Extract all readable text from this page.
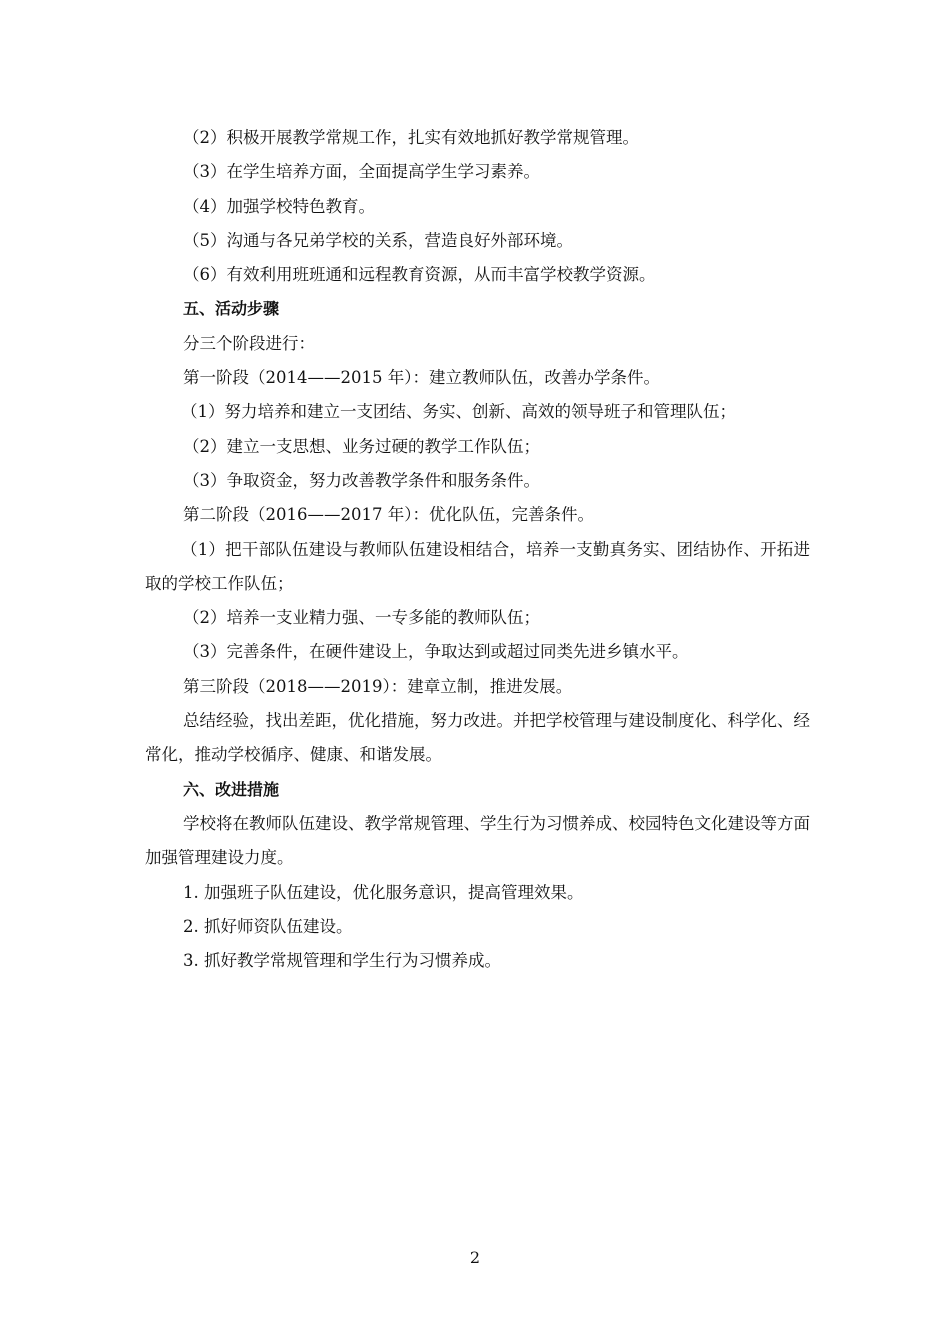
（2）积极开展教学常规工作，扎实有效地抓好教学常规管理。

（3）在学生培养方面，全面提高学生学习素养。

（4）加强学校特色教育。

（5）沟通与各兄弟学校的关系，营造良好外部环境。

（6）有效利用班班通和远程教育资源，从而丰富学校教学资源。

五、活动步骤

分三个阶段进行：

第一阶段（2014——2015 年）：建立教师队伍，改善办学条件。

（1）努力培养和建立一支团结、务实、创新、高效的领导班子和管理队伍；

（2）建立一支思想、业务过硬的教学工作队伍；

（3）争取资金，努力改善教学条件和服务条件。

第二阶段（2016——2017 年）：优化队伍，完善条件。

（1）把干部队伍建设与教师队伍建设相结合，培养一支勤真务实、团结协作、开拓进取的学校工作队伍；

（2）培养一支业精力强、一专多能的教师队伍；

（3）完善条件，在硬件建设上，争取达到或超过同类先进乡镇水平。

第三阶段（2018——2019）：建章立制，推进发展。

总结经验，找出差距，优化措施，努力改进。并把学校管理与建设制度化、科学化、经常化，推动学校循序、健康、和谐发展。

六、改进措施

学校将在教师队伍建设、教学常规管理、学生行为习惯养成、校园特色文化建设等方面加强管理建设力度。

1. 加强班子队伍建设，优化服务意识，提高管理效果。

2. 抓好师资队伍建设。

3. 抓好教学常规管理和学生行为习惯养成。

2
